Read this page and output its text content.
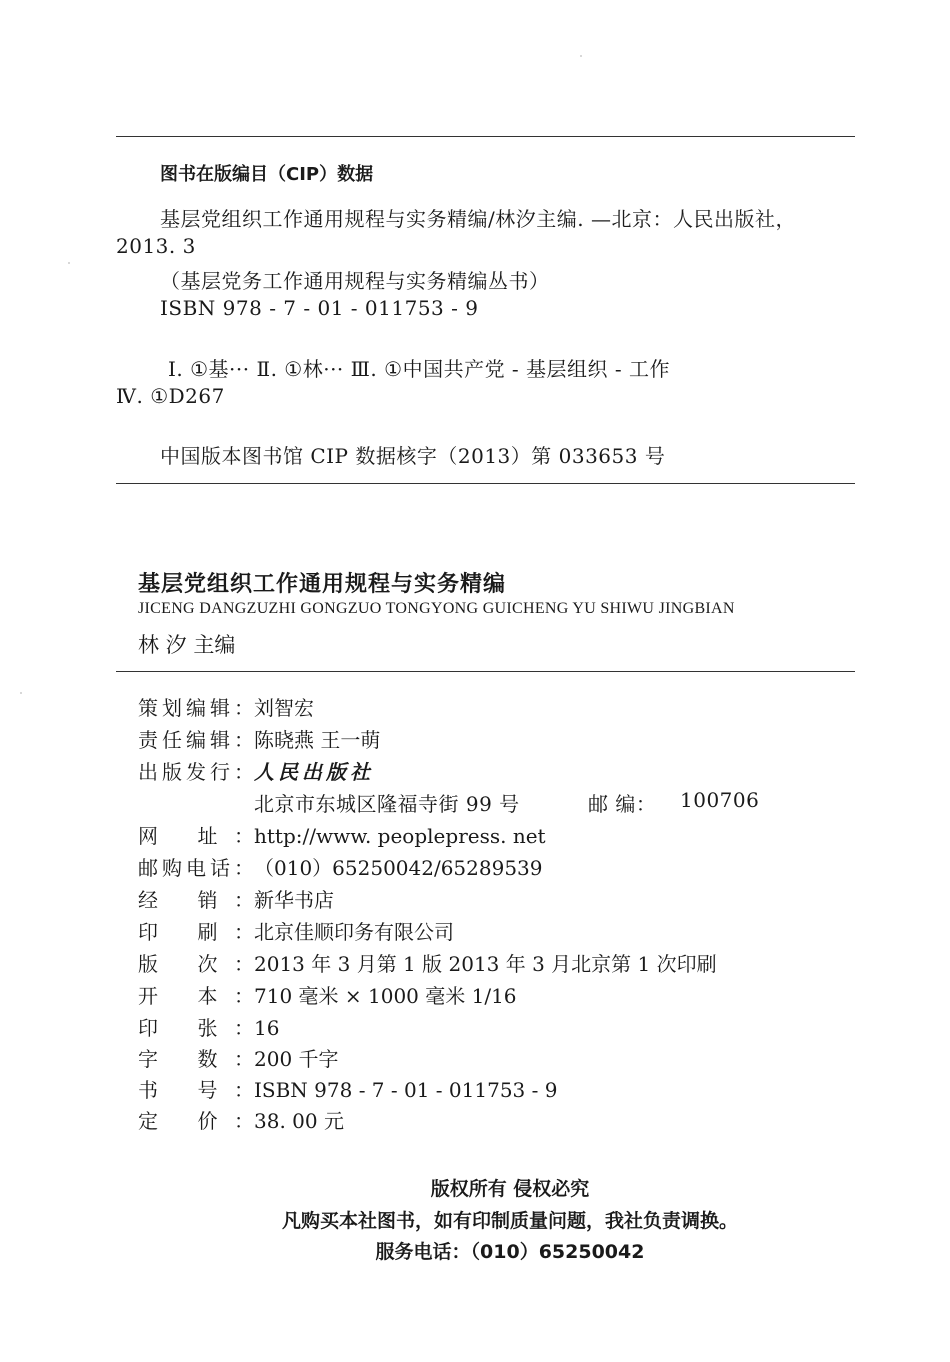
图书在版编目（CIP）数据
基层党组织工作通用规程与实务精编/林汐主编. —北京：人民出版社，
2013. 3
（基层党务工作通用规程与实务精编丛书）
ISBN 978 - 7 - 01 - 011753 - 9
Ⅰ. ①基··· Ⅱ. ①林··· Ⅲ. ①中国共产党 - 基层组织 - 工作
Ⅳ. ①D267
中国版本图书馆 CIP 数据核字（2013）第 033653 号
基层党组织工作通用规程与实务精编
JICENG DANGZUZHI GONGZUO TONGYONG GUICHENG YU SHIWU JINGBIAN
林 汐 主编
策划编辑：刘智宏
责任编辑：陈晓燕 王一萌
出版发行：人民出版社
北京市东城区隆福寺街 99 号	邮 编： 100706
网 址：http://www. peoplepress. net
邮购电话：（010）65250042/65289539
经 销：新华书店
印 刷：北京佳顺印务有限公司
版 次：2013 年 3 月第 1 版 2013 年 3 月北京第 1 次印刷
开 本：710 毫米 × 1000 毫米 1/16
印 张：16
字 数：200 千字
书 号：ISBN 978 - 7 - 01 - 011753 - 9
定 价：38. 00 元
版权所有 侵权必究
凡购买本社图书，如有印制质量问题，我社负责调换。
服务电话：（010）65250042
